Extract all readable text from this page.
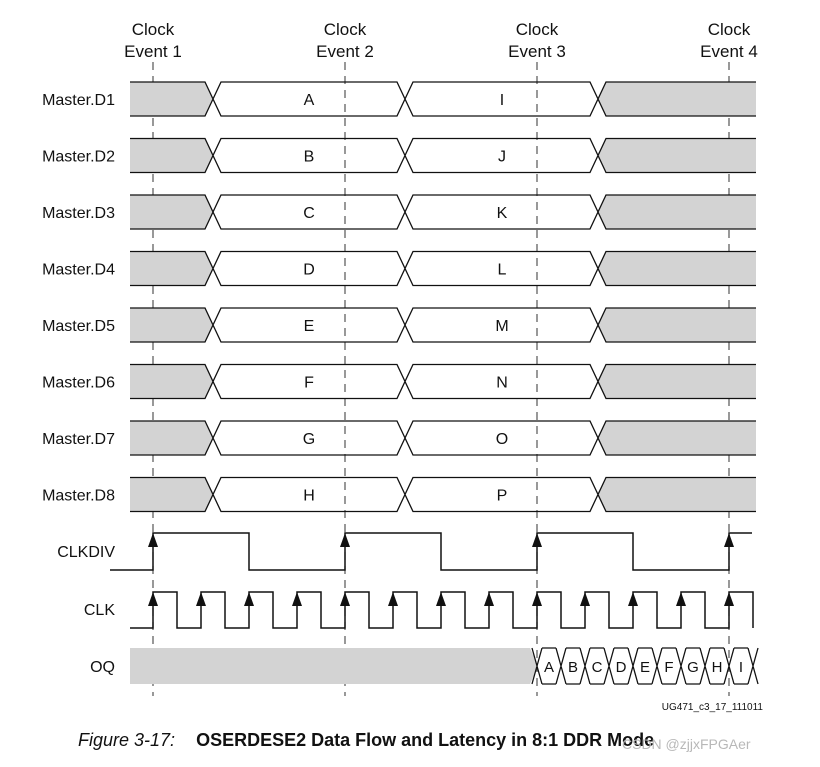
Clock
Event 1
Clock
Event 2
Clock
Event 3
Clock
Event 4
Master.D1	A	I
Master.D2	B	J
Master.D3	C	K
Master.D4	D	L
Master.D5	E	M
Master.D6	F	N
Master.D7	G	O
Master.D8	H	P
CLKDIV
CLK
OQ	A B C D E F G H I
UG471_c3_17_111011
Figure 3-17: OSERDESE2 Data Flow and Latency in 8:1 DDR Mode
CSDN @zjjxFPGAer
